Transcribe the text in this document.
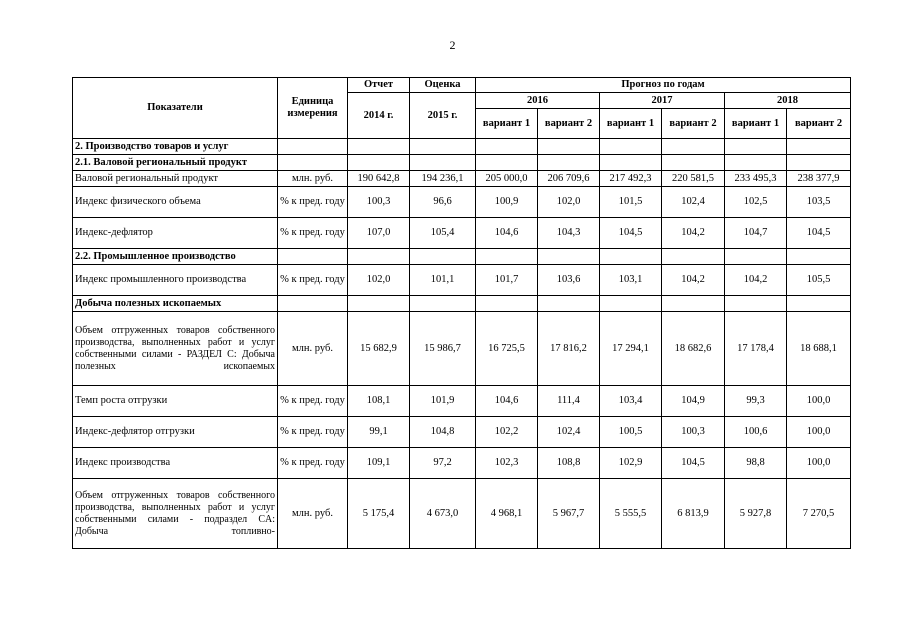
2
Показатели	Единица измерения	Отчет	Оценка	Прогноз по годам					
		2014 г.	2015 г.	2016		2017		2018	
				вариант 1	вариант 2	вариант 1	вариант 2	вариант 1	вариант 2
2. Производство товаров и услуг									
2.1. Валовой региональный продукт									
Валовой региональный продукт	млн. руб.	190 642,8	194 236,1	205 000,0	206 709,6	217 492,3	220 581,5	233 495,3	238 377,9
Индекс физического объема	% к пред. году	100,3	96,6	100,9	102,0	101,5	102,4	102,5	103,5
Индекс-дефлятор	% к пред. году	107,0	105,4	104,6	104,3	104,5	104,2	104,7	104,5
2.2. Промышленное производство									
Индекс промышленного производства	% к пред. году	102,0	101,1	101,7	103,6	103,1	104,2	104,2	105,5
Добыча полезных ископаемых									
Объем отгруженных товаров собственного производства, выполненных работ и услуг собственными силами - РАЗДЕЛ C: Добыча полезных ископаемых	млн. руб.	15 682,9	15 986,7	16 725,5	17 816,2	17 294,1	18 682,6	17 178,4	18 688,1
Темп роста отгрузки	% к пред. году	108,1	101,9	104,6	111,4	103,4	104,9	99,3	100,0
Индекс-дефлятор отгрузки	% к пред. году	99,1	104,8	102,2	102,4	100,5	100,3	100,6	100,0
Индекс производства	% к пред. году	109,1	97,2	102,3	108,8	102,9	104,5	98,8	100,0
Объем отгруженных товаров собственного производства, выполненных работ и услуг собственными силами - подраздел CA: Добыча топливно-	млн. руб.	5 175,4	4 673,0	4 968,1	5 967,7	5 555,5	6 813,9	5 927,8	7 270,5
